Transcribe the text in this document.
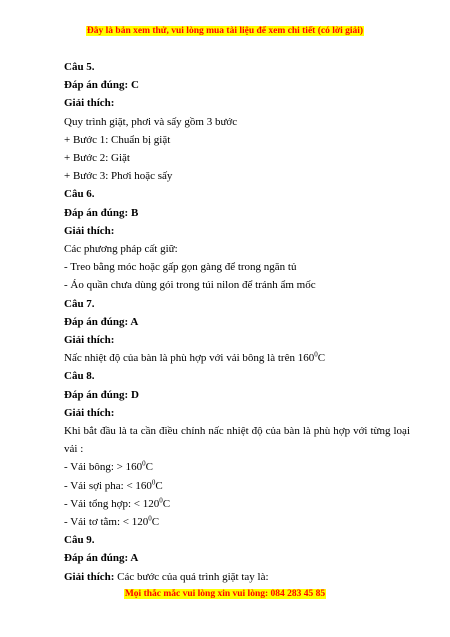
Đây là bản xem thử, vui lòng mua tài liệu để xem chi tiết (có lời giải)
Câu 5.
Đáp án đúng: C
Giải thích:
Quy trình giặt, phơi và sấy gồm 3 bước
+ Bước 1: Chuẩn bị giặt
+ Bước 2: Giặt
+ Bước 3: Phơi hoặc sấy
Câu 6.
Đáp án đúng: B
Giải thích:
Các phương pháp cất giữ:
- Treo bằng móc hoặc gấp gọn gàng để trong ngăn tủ
- Áo quần chưa dùng gói trong túi nilon để tránh ẩm mốc
Câu 7.
Đáp án đúng: A
Giải thích:
Nấc nhiệt độ của bàn là phù hợp với vải bông là trên $160^0C$
Câu 8.
Đáp án đúng: D
Giải thích:
Khi bắt đầu là ta cần điều chỉnh nấc nhiệt độ của bàn là phù hợp với từng loại vải :
- Vải bông: > $160^0C$
- Vải sợi pha: < $160^0C$
- Vải tổng hợp: < $120^0C$
- Vải tơ tằm: < $120^0C$
Câu 9.
Đáp án đúng: A
Giải thích: Các bước của quá trình giặt tay là:
Mọi thắc mắc vui lòng xin vui lòng: 084 283 45 85
